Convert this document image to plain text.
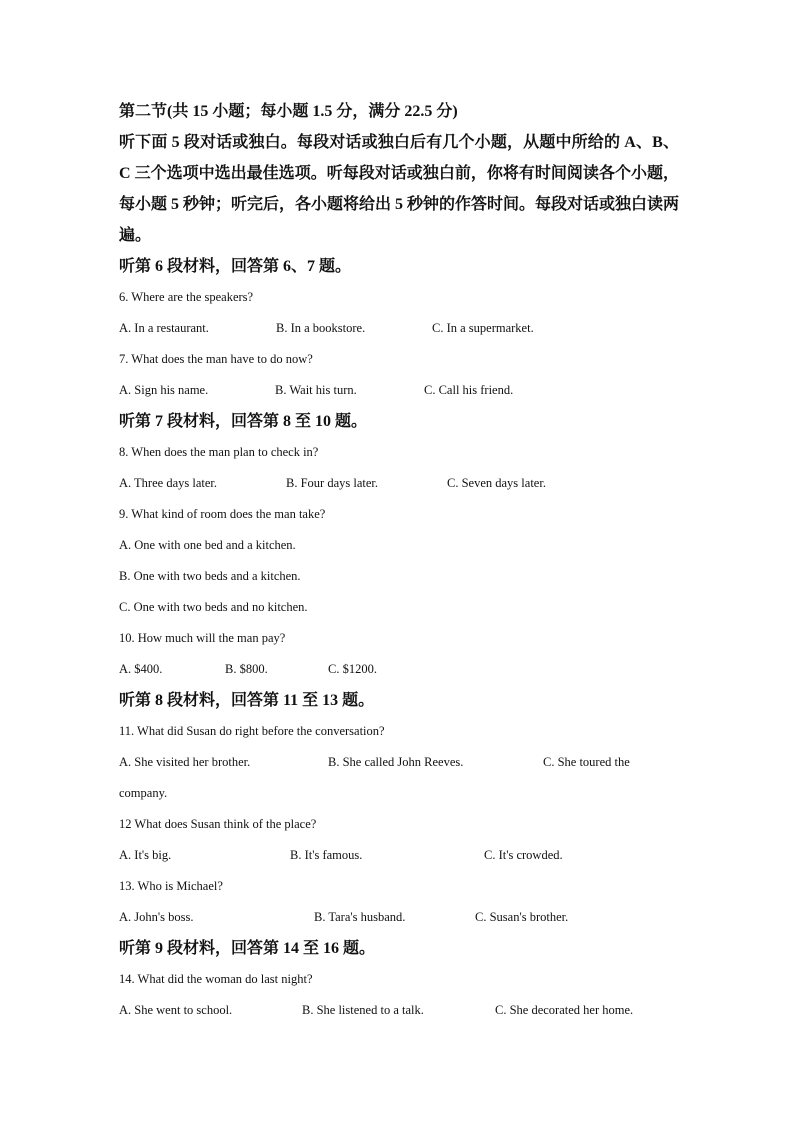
第二节(共 15 小题；每小题 1.5 分，满分 22.5 分)

听下面 5 段对话或独白。每段对话或独白后有几个小题，从题中所给的 A、B、C 三个选项中选出最佳选项。听每段对话或独白前，你将有时间阅读各个小题，每小题 5 秒钟；听完后，各小题将给出 5 秒钟的作答时间。每段对话或独白读两遍。

听第 6 段材料，回答第 6、7 题。

6. Where are the speakers?

A. In a restaurant.	B. In a bookstore.	C. In a supermarket.

7. What does the man have to do now?

A. Sign his name.	B. Wait his turn.	C. Call his friend.

听第 7 段材料，回答第 8 至 10 题。

8. When does the man plan to check in?

A. Three days later.	B. Four days later.	C. Seven days later.

9. What kind of room does the man take?

A. One with one bed and a kitchen.

B. One with two beds and a kitchen.

C. One with two beds and no kitchen.

10. How much will the man pay?

A. $400.	B. $800.	C. $1200.

听第 8 段材料，回答第 11 至 13 题。

11. What did Susan do right before the conversation?

A. She visited her brother.	B. She called John Reeves.	C. She toured the

company.

12 What does Susan think of the place?

A. It's big.	B. It's famous.	C. It's crowded.

13. Who is Michael?

A. John's boss.	B. Tara's husband.	C. Susan's brother.

听第 9 段材料，回答第 14 至 16 题。

14. What did the woman do last night?

A. She went to school.	B. She listened to a talk.	C. She decorated her home.
